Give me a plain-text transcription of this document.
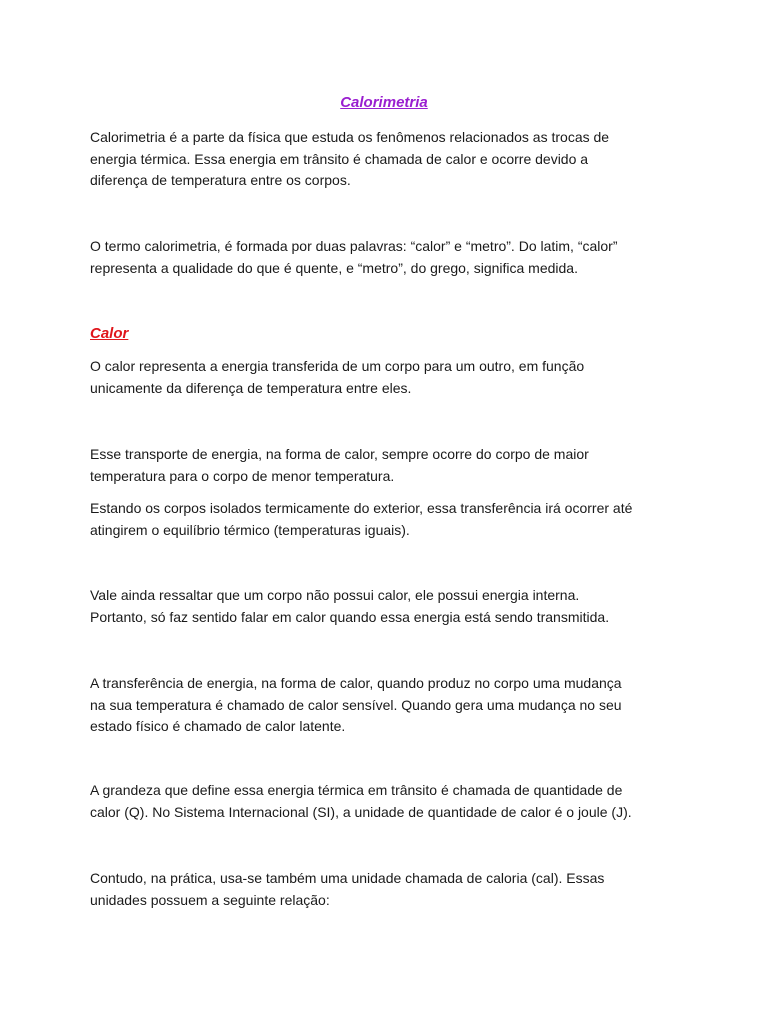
Calorimetria
Calorimetria é a parte da física que estuda os fenômenos relacionados as trocas de
energia térmica. Essa energia em trânsito é chamada de calor e ocorre devido a
diferença de temperatura entre os corpos.
O termo calorimetria, é formada por duas palavras: “calor” e “metro”. Do latim, “calor”
representa a qualidade do que é quente, e “metro”, do grego, significa medida.
Calor
O calor representa a energia transferida de um corpo para um outro, em função
unicamente da diferença de temperatura entre eles.
Esse transporte de energia, na forma de calor, sempre ocorre do corpo de maior
temperatura para o corpo de menor temperatura.
Estando os corpos isolados termicamente do exterior, essa transferência irá ocorrer até
atingirem o equilíbrio térmico (temperaturas iguais).
Vale ainda ressaltar que um corpo não possui calor, ele possui energia interna.
Portanto, só faz sentido falar em calor quando essa energia está sendo transmitida.
A transferência de energia, na forma de calor, quando produz no corpo uma mudança
na sua temperatura é chamado de calor sensível. Quando gera uma mudança no seu
estado físico é chamado de calor latente.
A grandeza que define essa energia térmica em trânsito é chamada de quantidade de
calor (Q). No Sistema Internacional (SI), a unidade de quantidade de calor é o joule (J).
Contudo, na prática, usa-se também uma unidade chamada de caloria (cal). Essas
unidades possuem a seguinte relação:
